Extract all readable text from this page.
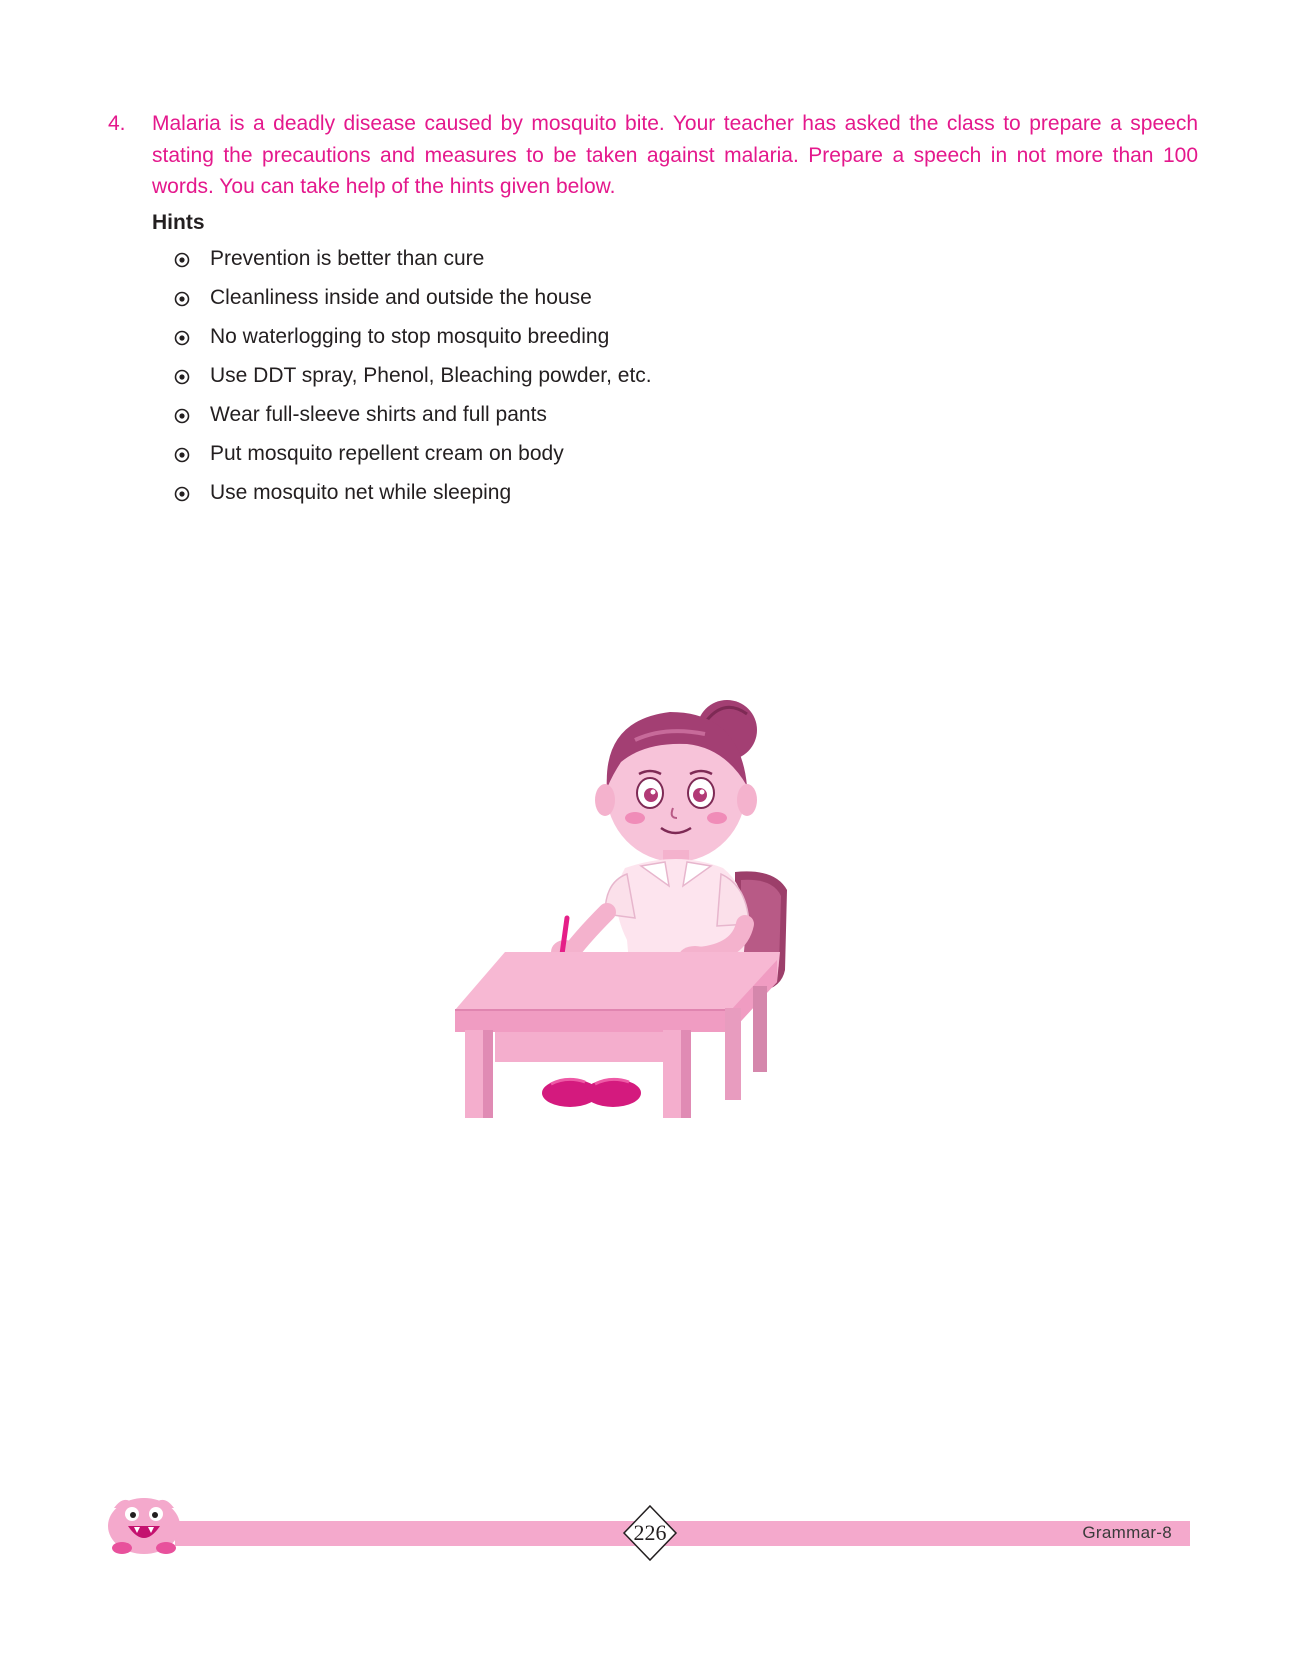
4. Malaria is a deadly disease caused by mosquito bite. Your teacher has asked the class to prepare a speech stating the precautions and measures to be taken against malaria. Prepare a speech in not more than 100 words. You can take help of the hints given below.
Hints
Prevention is better than cure
Cleanliness inside and outside the house
No waterlogging to stop mosquito breeding
Use DDT spray, Phenol, Bleaching powder, etc.
Wear full-sleeve shirts and full pants
Put mosquito repellent cream on body
Use mosquito net while sleeping
226	Grammar-8
